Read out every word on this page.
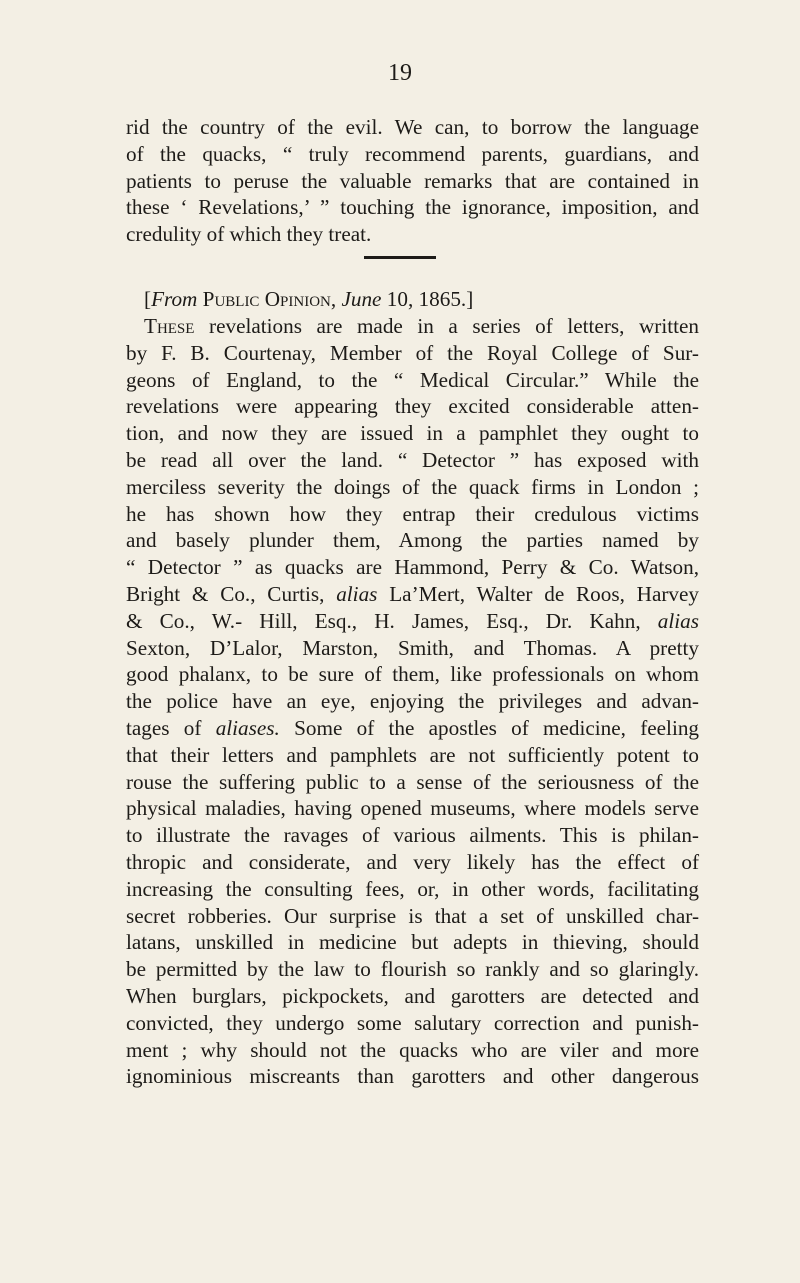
19
rid the country of the evil. We can, to borrow the language
of the quacks, “ truly recommend parents, guardians, and
patients to peruse the valuable remarks that are contained in
these ‘ Revelations,’ ” touching the ignorance, imposition, and
credulity of which they treat.
[From Public Opinion, June 10, 1865.]
These revelations are made in a series of letters, written
by F. B. Courtenay, Member of the Royal College of Sur-
geons of England, to the “ Medical Circular.” While the
revelations were appearing they excited considerable atten-
tion, and now they are issued in a pamphlet they ought to
be read all over the land. “ Detector ” has exposed with
merciless severity the doings of the quack firms in London ;
he has shown how they entrap their credulous victims
and basely plunder them, Among the parties named by
“ Detector ” as quacks are Hammond, Perry & Co. Watson,
Bright & Co., Curtis, alias La’Mert, Walter de Roos, Harvey
& Co., W.- Hill, Esq., H. James, Esq., Dr. Kahn, alias
Sexton, D’Lalor, Marston, Smith, and Thomas. A pretty
good phalanx, to be sure of them, like professionals on whom
the police have an eye, enjoying the privileges and advan-
tages of aliases. Some of the apostles of medicine, feeling
that their letters and pamphlets are not sufficiently potent to
rouse the suffering public to a sense of the seriousness of the
physical maladies, having opened museums, where models serve
to illustrate the ravages of various ailments. This is philan-
thropic and considerate, and very likely has the effect of
increasing the consulting fees, or, in other words, facilitating
secret robberies. Our surprise is that a set of unskilled char-
latans, unskilled in medicine but adepts in thieving, should
be permitted by the law to flourish so rankly and so glaringly.
When burglars, pickpockets, and garotters are detected and
convicted, they undergo some salutary correction and punish-
ment ; why should not the quacks who are viler and more
ignominious miscreants than garotters and other dangerous
